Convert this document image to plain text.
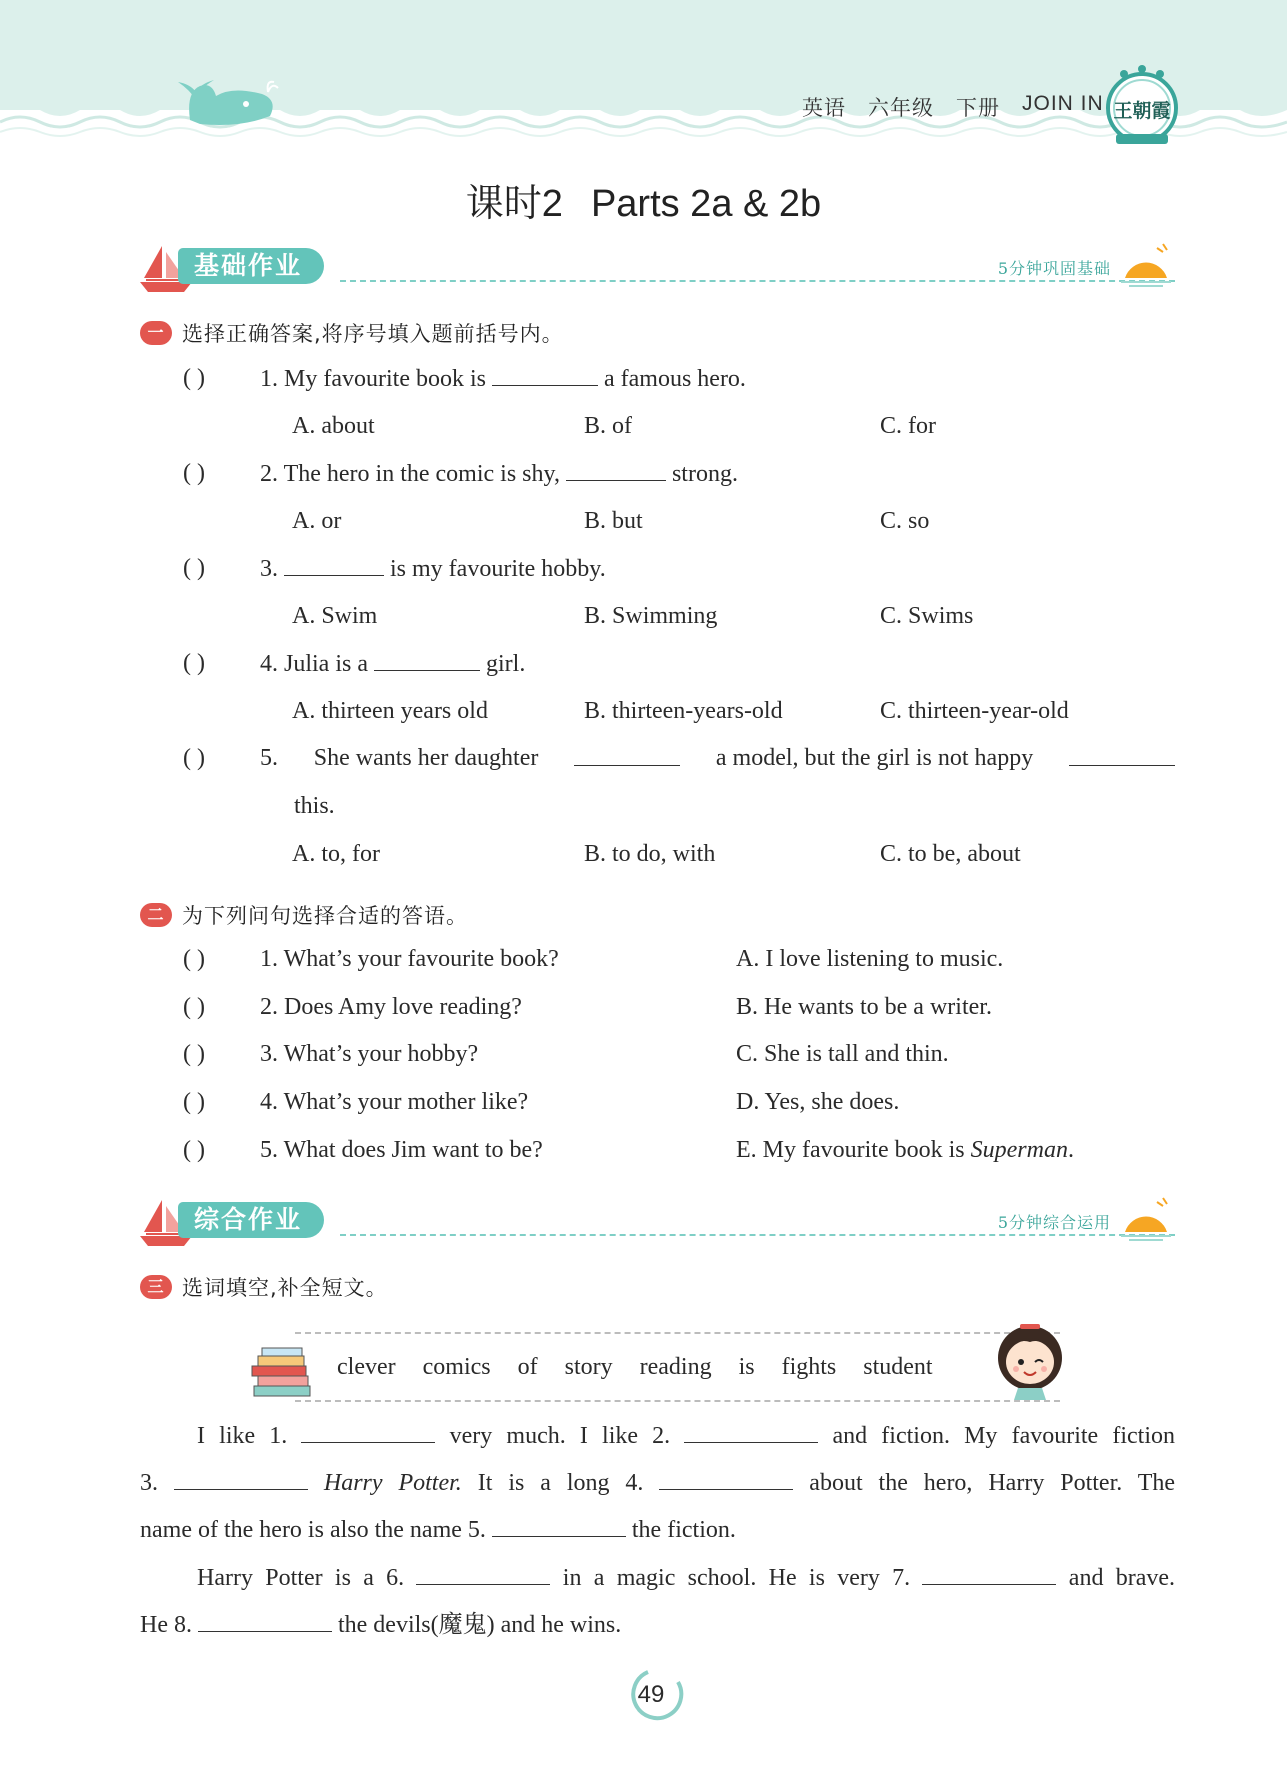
英语 六年级 下册 JOIN IN 王朝霞
课时2 Parts 2a & 2b
基础作业	5分钟巩固基础
一 选择正确答案,将序号填入题前括号内。
( ) 1. My favourite book is	a famous hero.
A. about	B. of	C. for
( ) 2. The hero in the comic is shy,	strong.
A. or	B. but	C. so
( ) 3.	is my favourite hobby.
A. Swim	B. Swimming	C. Swims
( ) 4. Julia is a	girl.
A. thirteen years old	B. thirteen-years-old	C. thirteen-year-old
( ) 5. She wants her daughter	a model, but the girl is not happy
this.
A. to, for	B. to do, with	C. to be, about
二 为下列问句选择合适的答语。
( ) 1. What’s your favourite book?	A. I love listening to music.
( ) 2. Does Amy love reading?	B. He wants to be a writer.
( ) 3. What’s your hobby?	C. She is tall and thin.
( ) 4. What’s your mother like?	D. Yes, she does.
( ) 5. What does Jim want to be?	E. My favourite book is Superman.
综合作业	5分钟综合运用
三 选词填空,补全短文。
clever comics of story reading is fights student
I like 1.	very much. I like 2.	and fiction. My favourite fiction
3.	Harry Potter. It is a long 4.	about the hero, Harry Potter. The
name of the hero is also the name 5.	the fiction.
Harry Potter is a 6.	in a magic school. He is very 7.	and brave.
He 8.	the devils(魔鬼) and he wins.
49
